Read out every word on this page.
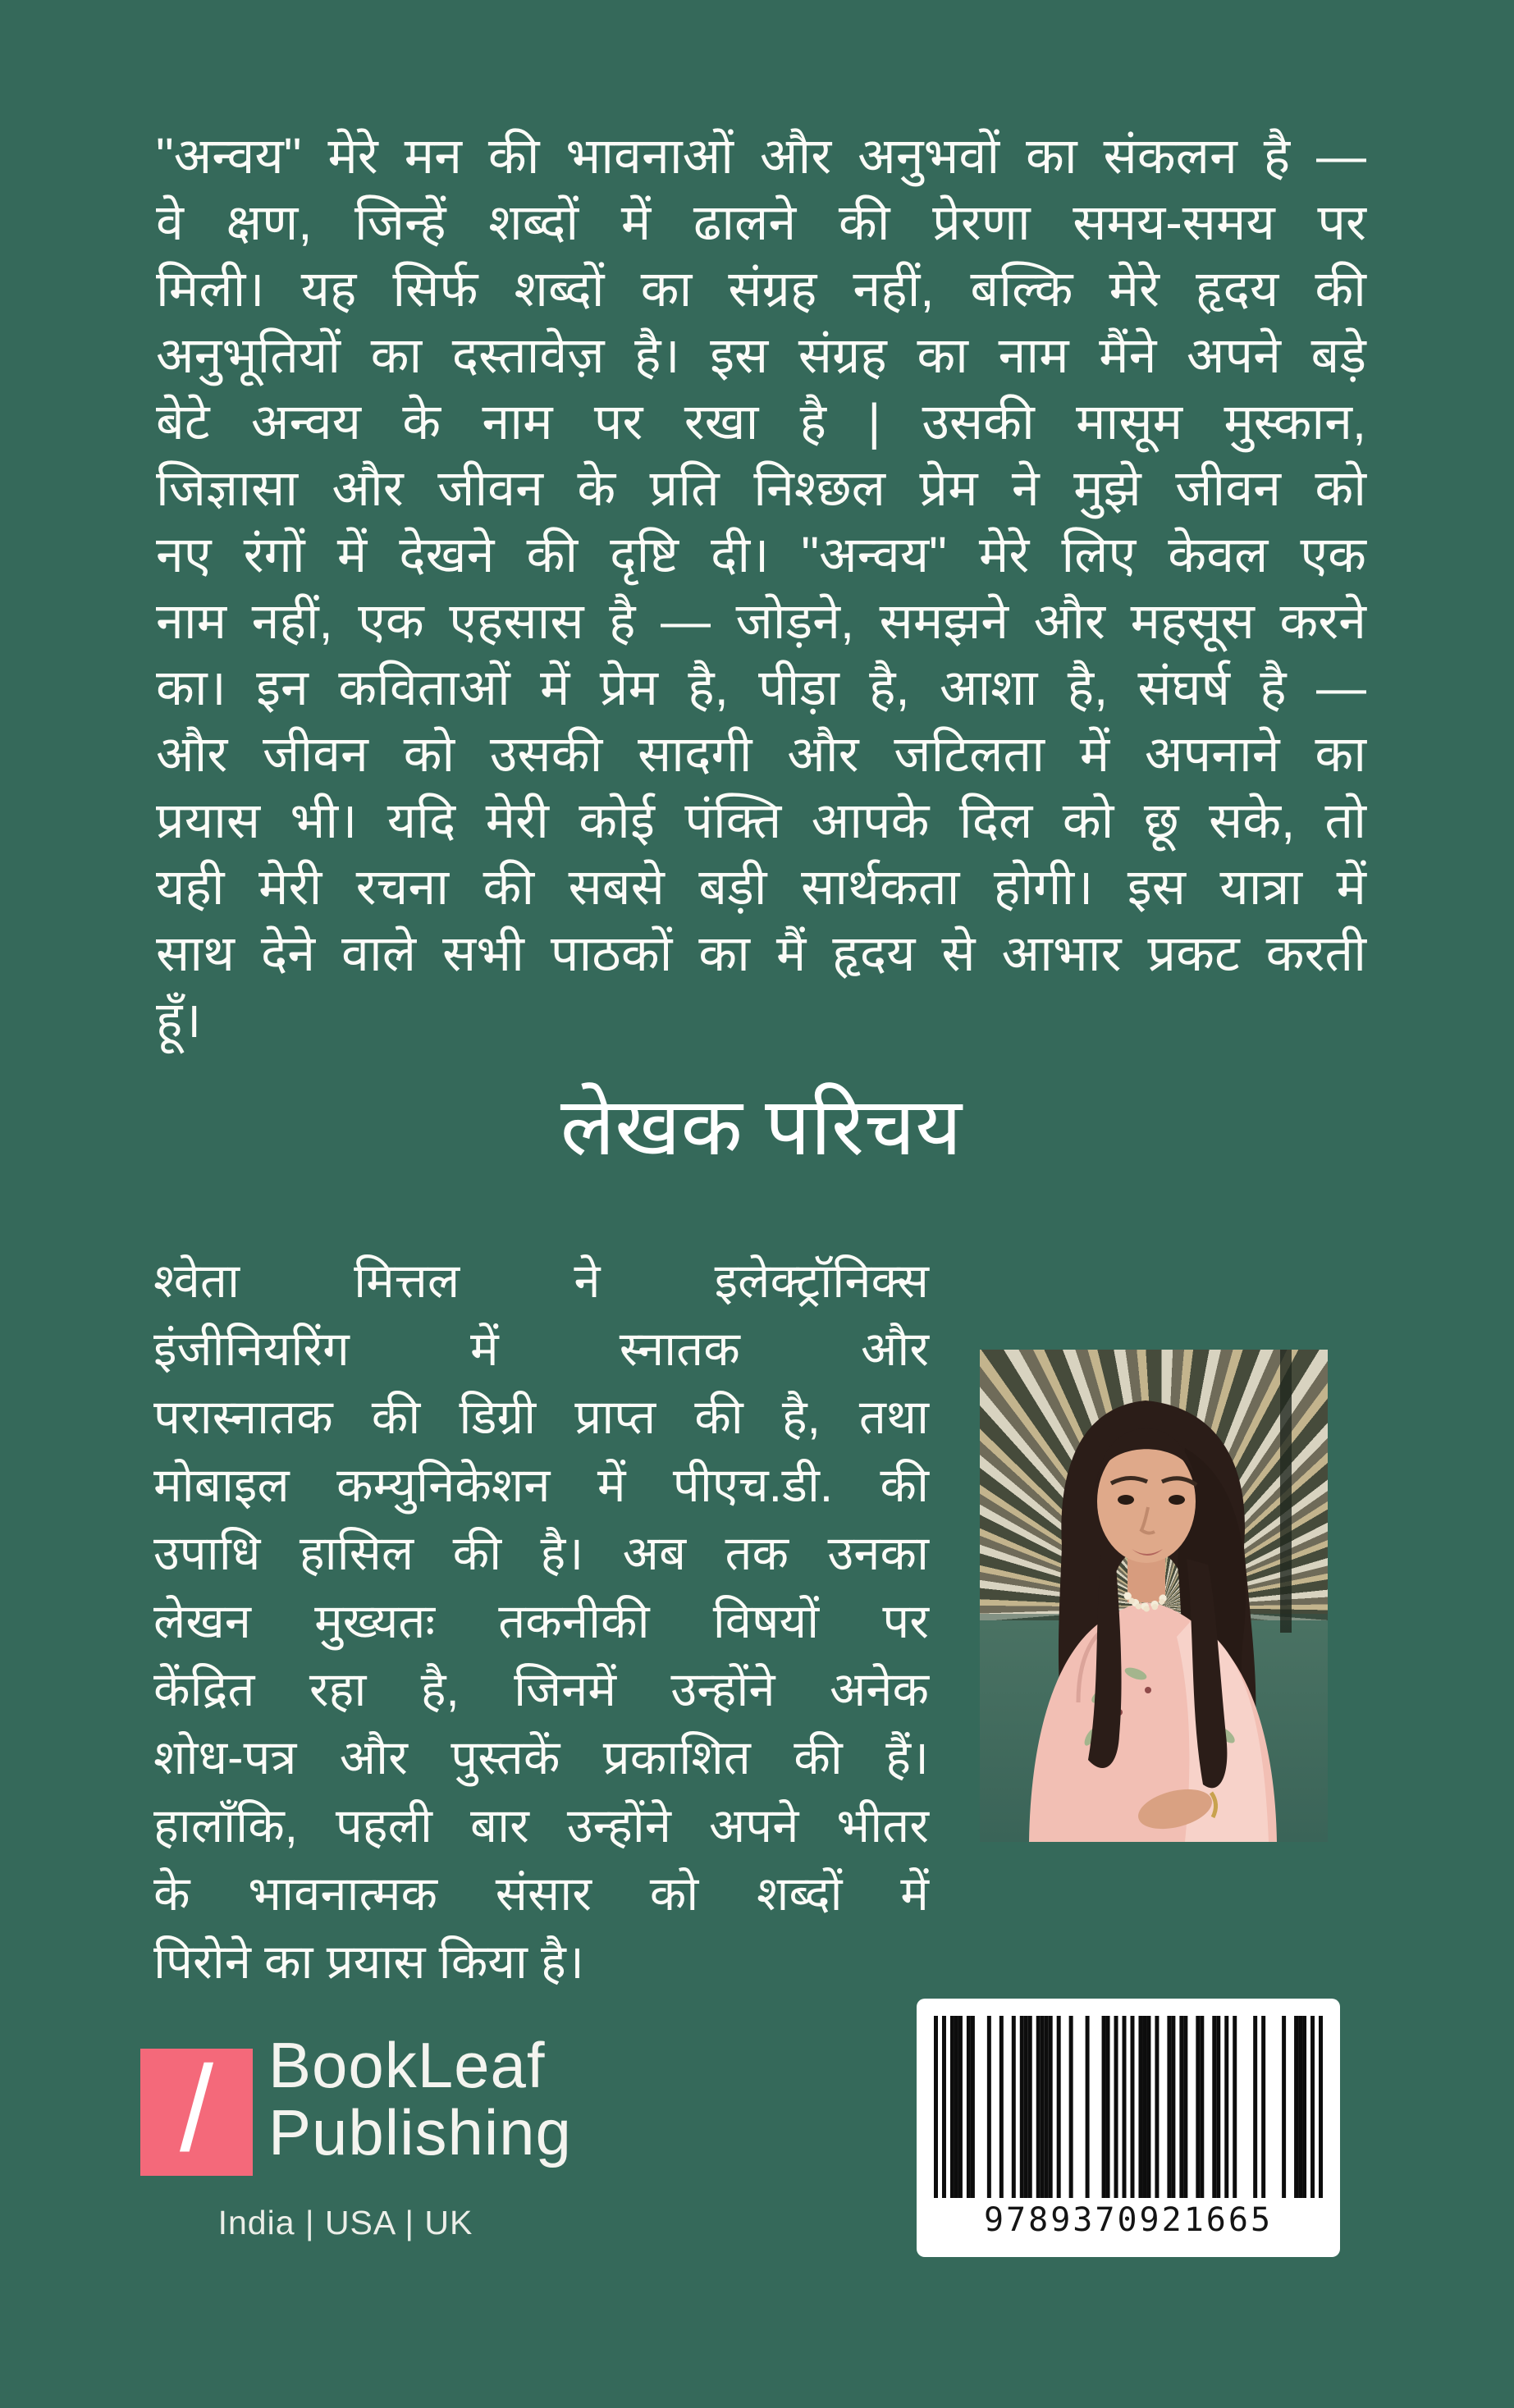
"अन्वय" मेरे मन की भावनाओं और अनुभवों का संकलन है —
वे क्षण, जिन्हें शब्दों में ढालने की प्रेरणा समय-समय पर
मिली। यह सिर्फ शब्दों का संग्रह नहीं, बल्कि मेरे हृदय की
अनुभूतियों का दस्तावेज़ है। इस संग्रह का नाम मैंने अपने बड़े
बेटे अन्वय के नाम पर रखा है | उसकी मासूम मुस्कान,
जिज्ञासा और जीवन के प्रति निश्छल प्रेम ने मुझे जीवन को
नए रंगों में देखने की दृष्टि दी। "अन्वय" मेरे लिए केवल एक
नाम नहीं, एक एहसास है — जोड़ने, समझने और महसूस करने
का। इन कविताओं में प्रेम है, पीड़ा है, आशा है, संघर्ष है —
और जीवन को उसकी सादगी और जटिलता में अपनाने का
प्रयास भी। यदि मेरी कोई पंक्ति आपके दिल को छू सके, तो
यही मेरी रचना की सबसे बड़ी सार्थकता होगी। इस यात्रा में
साथ देने वाले सभी पाठकों का मैं हृदय से आभार प्रकट करती
हूँ।
लेखक परिचय
श्वेता मित्तल ने इलेक्ट्रॉनिक्स
इंजीनियरिंग में स्नातक और
परास्नातक की डिग्री प्राप्त की है, तथा
मोबाइल कम्युनिकेशन में पीएच.डी. की
उपाधि हासिल की है। अब तक उनका
लेखन मुख्यतः तकनीकी विषयों पर
केंद्रित रहा है, जिनमें उन्होंने अनेक
शोध-पत्र और पुस्तकें प्रकाशित की हैं।
हालाँकि, पहली बार उन्होंने अपने भीतर
के भावनात्मक संसार को शब्दों में
पिरोने का प्रयास किया है।
/ BookLeaf
Publishing
India | USA | UK	9789370921665
